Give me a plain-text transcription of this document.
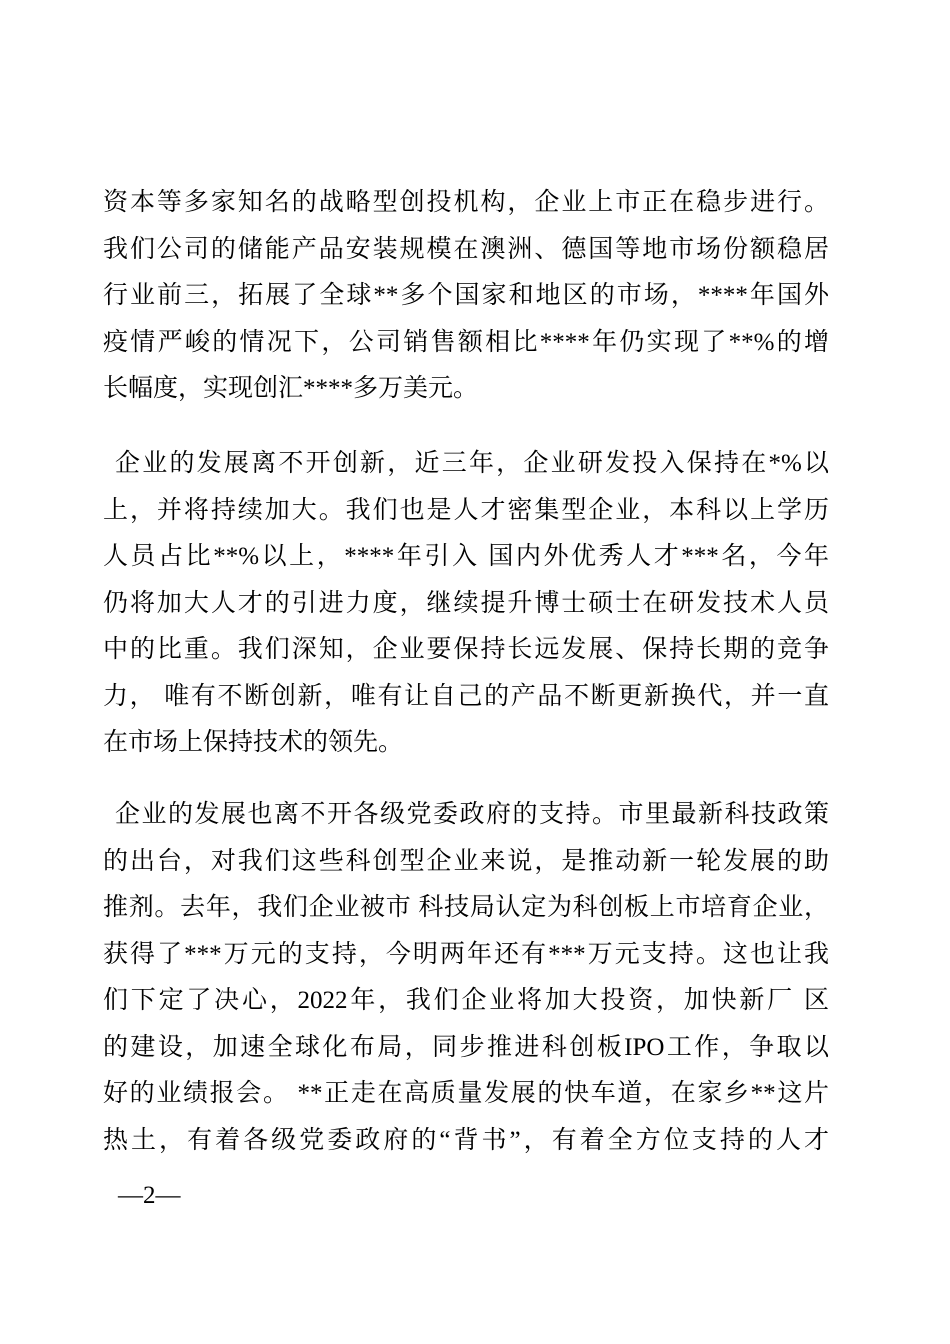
资本等多家知名的战略型创投机构，企业上市正在稳步进行。
我们公司的储能产品安装规模在澳洲、德国等地市场份额稳居
行业前三，拓展了全球**多个国家和地区的市场，****年国外
疫情严峻的情况下，公司销售额相比****年仍实现了**%的增
长幅度，实现创汇****多万美元。
企业的发展离不开创新，近三年，企业研发投入保持在*%以
上，并将持续加大。我们也是人才密集型企业，本科以上学历
人员占比**%以上，****年引入 国内外优秀人才***名，今年
仍将加大人才的引进力度，继续提升博士硕士在研发技术人员
中的比重。我们深知，企业要保持长远发展、保持长期的竞争
力， 唯有不断创新，唯有让自己的产品不断更新换代，并一直
在市场上保持技术的领先。
企业的发展也离不开各级党委政府的支持。市里最新科技政策
的出台，对我们这些科创型企业来说，是推动新一轮发展的助
推剂。去年，我们企业被市 科技局认定为科创板上市培育企业，
获得了***万元的支持，今明两年还有***万元支持。这也让我
们下定了决心，2022年，我们企业将加大投资，加快新厂 区
的建设，加速全球化布局，同步推进科创板IPO工作，争取以
好的业绩报会。 **正走在高质量发展的快车道，在家乡**这片
热土，有着各级党委政府的“背书”，有着全方位支持的人才
—2—
